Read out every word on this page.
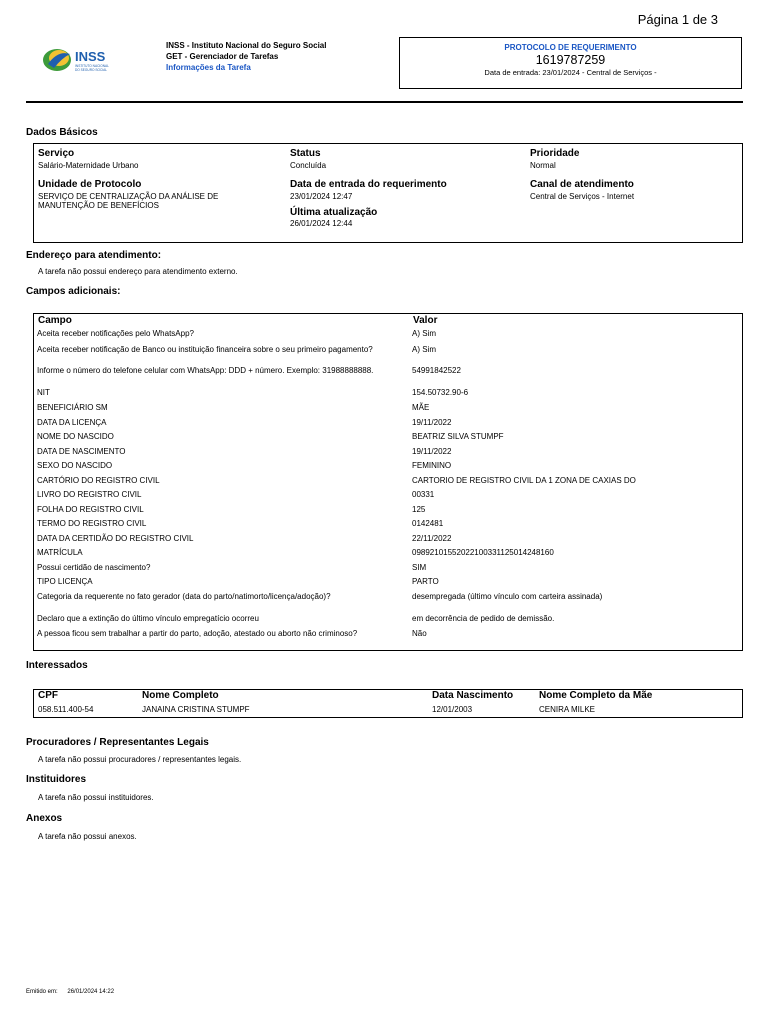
Página 1 de 3
INSS
INSTITUTO NACIONAL
DO SEGURO SOCIAL
INSS - Instituto Nacional do Seguro Social
GET - Gerenciador de Tarefas
Informações da Tarefa
PROTOCOLO DE REQUERIMENTO
1619787259
Data de entrada: 23/01/2024 - Central de Serviços -
Dados Básicos
Serviço
Salário-Maternidade Urbano
Status
Concluída
Prioridade
Normal
Unidade de Protocolo
SERVIÇO DE CENTRALIZAÇÃO DA ANÁLISE DE MANUTENÇÃO DE BENEFÍCIOS
Data de entrada do requerimento
23/01/2024 12:47
Canal de atendimento
Central de Serviços - Internet
Última atualização
26/01/2024 12:44
Endereço para atendimento:
A tarefa não possui endereço para atendimento externo.
Campos adicionais:
Campo	Valor
Aceita receber notificações pelo WhatsApp?	A) Sim
Aceita receber notificação de Banco ou instituição financeira sobre o seu primeiro pagamento?	A) Sim
Informe o número do telefone celular com WhatsApp: DDD + número. Exemplo: 31988888888.	54991842522
NIT	154.50732.90-6
BENEFICIÁRIO SM	MÃE
DATA DA LICENÇA	19/11/2022
NOME DO NASCIDO	BEATRIZ SILVA STUMPF
DATA DE NASCIMENTO	19/11/2022
SEXO DO NASCIDO	FEMININO
CARTÓRIO DO REGISTRO CIVIL	CARTORIO DE REGISTRO CIVIL DA 1 ZONA DE CAXIAS DO
LIVRO DO REGISTRO CIVIL	00331
FOLHA DO REGISTRO CIVIL	125
TERMO DO REGISTRO CIVIL	0142481
DATA DA CERTIDÃO DO REGISTRO CIVIL	22/11/2022
MATRÍCULA	09892101552022100331125014248160
Possui certidão de nascimento?	SIM
TIPO LICENÇA	PARTO
Categoria da requerente no fato gerador (data do parto/natimorto/licença/adoção)?	desempregada (último vínculo com carteira assinada)
Declaro que a extinção do último vínculo empregatício ocorreu	em decorrência de pedido de demissão.
A pessoa ficou sem trabalhar a partir do parto, adoção, atestado ou aborto não criminoso?	Não
Interessados
CPF	Nome Completo	Data Nascimento	Nome Completo da Mãe
058.511.400-54	JANAINA CRISTINA STUMPF	12/01/2003	CENIRA MILKE
Procuradores / Representantes Legais
A tarefa não possui procuradores / representantes legais.
Instituidores
A tarefa não possui instituidores.
Anexos
A tarefa não possui anexos.
Emitido em: 26/01/2024 14:22
